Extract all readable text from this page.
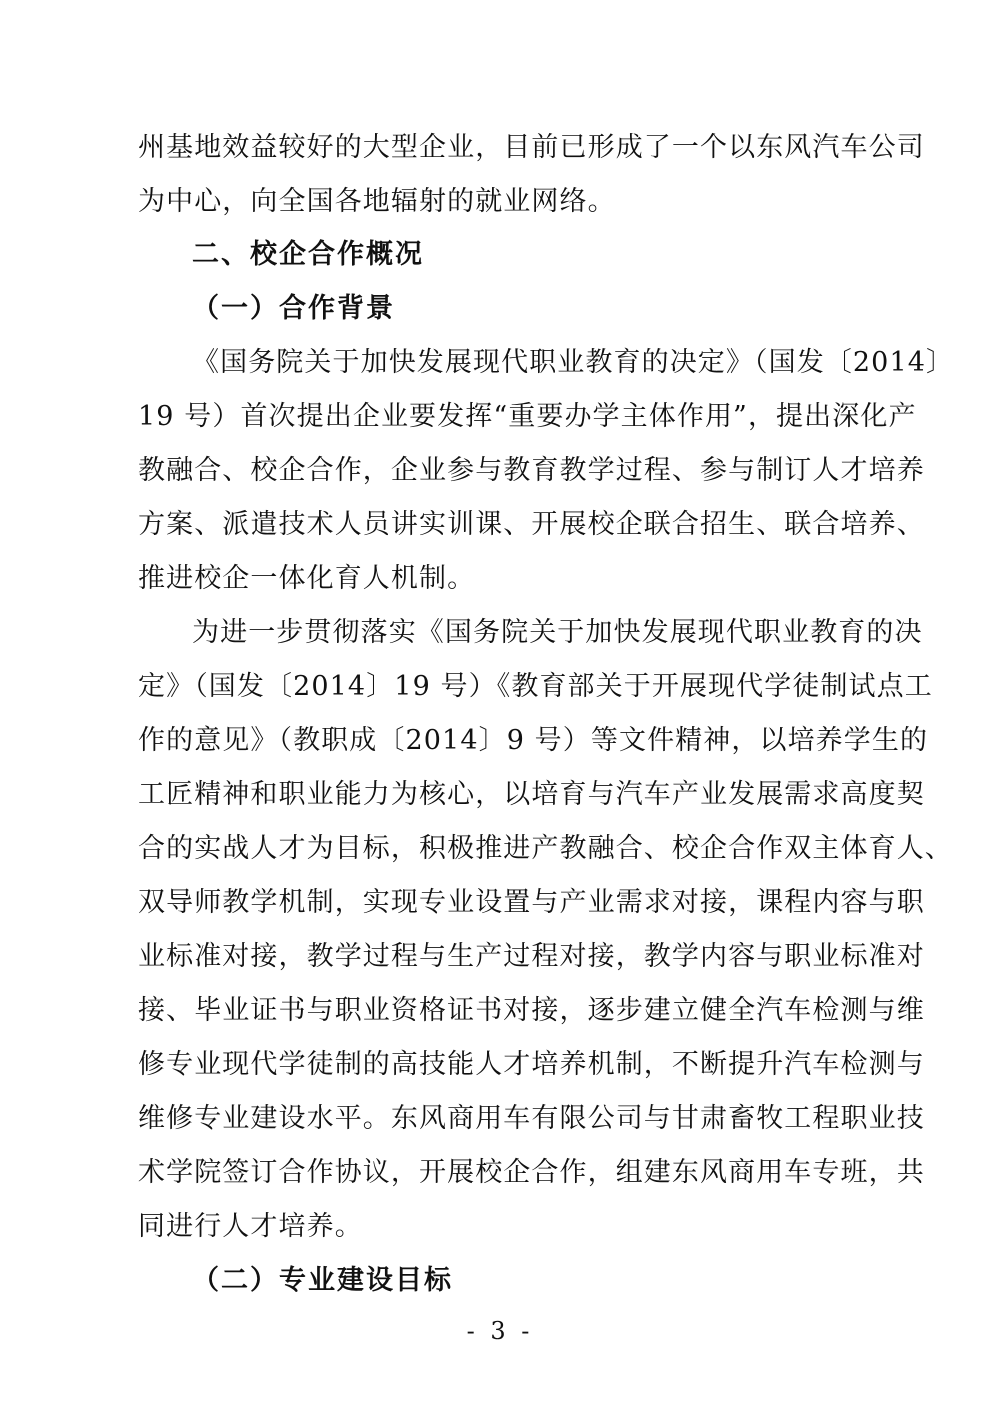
州基地效益较好的大型企业，目前已形成了一个以东风汽车公司
为中心，向全国各地辐射的就业网络。
二、校企合作概况
（一）合作背景
《国务院关于加快发展现代职业教育的决定》（国发〔2014〕
19 号）首次提出企业要发挥“重要办学主体作用”，提出深化产
教融合、校企合作，企业参与教育教学过程、参与制订人才培养
方案、派遣技术人员讲实训课、开展校企联合招生、联合培养、
推进校企一体化育人机制。
为进一步贯彻落实《国务院关于加快发展现代职业教育的决
定》（国发〔2014〕19 号）《教育部关于开展现代学徒制试点工
作的意见》（教职成〔2014〕9 号）等文件精神，以培养学生的
工匠精神和职业能力为核心，以培育与汽车产业发展需求高度契
合的实战人才为目标，积极推进产教融合、校企合作双主体育人、
双导师教学机制，实现专业设置与产业需求对接，课程内容与职
业标准对接，教学过程与生产过程对接，教学内容与职业标准对
接、毕业证书与职业资格证书对接，逐步建立健全汽车检测与维
修专业现代学徒制的高技能人才培养机制，不断提升汽车检测与
维修专业建设水平。东风商用车有限公司与甘肃畜牧工程职业技
术学院签订合作协议，开展校企合作，组建东风商用车专班，共
同进行人才培养。
（二）专业建设目标
- 3 -
